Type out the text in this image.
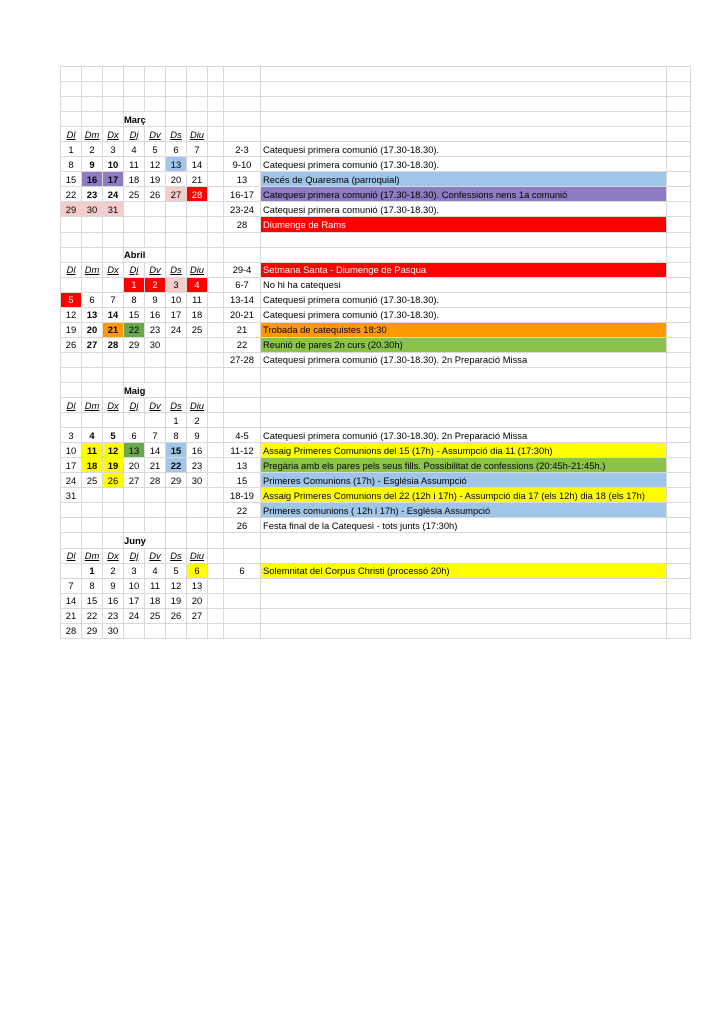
			Març							
Dl	Dm	Dx	Dj	Dv	Ds	Diu				
1	2	3	4	5	6	7		2-3	Catequesi primera comunió (17.30-18.30).	
8	9	10	11	12	13	14		9-10	Catequesi primera comunió (17.30-18.30).	
15	16	17	18	19	20	21		13	Recés de Quaresma (parroquial)	
22	23	24	25	26	27	28		16-17	Catequesi primera comunió (17.30-18.30). Confessions nens 1a comunió	
29	30	31						23-24	Catequesi primera comunió (17.30-18.30).	
								28	Diumenge de Rams	

			Abril							
Dl	Dm	Dx	Dj	Dv	Ds	Diu		29-4	Setmana Santa - Diumenge de Pasqua	
			1	2	3	4		6-7	No hi ha catequesi	
5	6	7	8	9	10	11		13-14	Catequesi primera comunió (17.30-18.30).	
12	13	14	15	16	17	18		20-21	Catequesi primera comunió (17.30-18.30).	
19	20	21	22	23	24	25		21	Trobada de catequistes 18:30	
26	27	28	29	30				22	Reunió de pares 2n curs (20.30h)	
								27-28	Catequesi primera comunió (17.30-18.30). 2n Preparació Missa	

			Maig							
Dl	Dm	Dx	Dj	Dv	Ds	Diu				
					1	2				
3	4	5	6	7	8	9		4-5	Catequesi primera comunió (17.30-18.30). 2n Preparació Missa	
10	11	12	13	14	15	16		11-12	Assaig Primeres Comunions del 15 (17h) - Assumpció dia 11 (17:30h)	
17	18	19	20	21	22	23		13	Pregària amb els pares pels seus fills. Possibilitat de confessions (20:45h-21:45h.)	
24	25	26	27	28	29	30		15	Primeres Comunions (17h) - Església Assumpció	
31								18-19	Assaig Primeres Comunions del 22 (12h i 17h) - Assumpció dia 17 (els 12h) dia 18 (els 17h)	
								22	Primeres comunions ( 12h i 17h) - Església Assumpció	
								26	Festa final de la Catequesi - tots junts (17:30h)	
			Juny							
Dl	Dm	Dx	Dj	Dv	Ds	Diu				
	1	2	3	4	5	6		6	Solemnitat del Corpus Christi (processó 20h)	
7	8	9	10	11	12	13				
14	15	16	17	18	19	20				
21	22	23	24	25	26	27				
28	29	30								
